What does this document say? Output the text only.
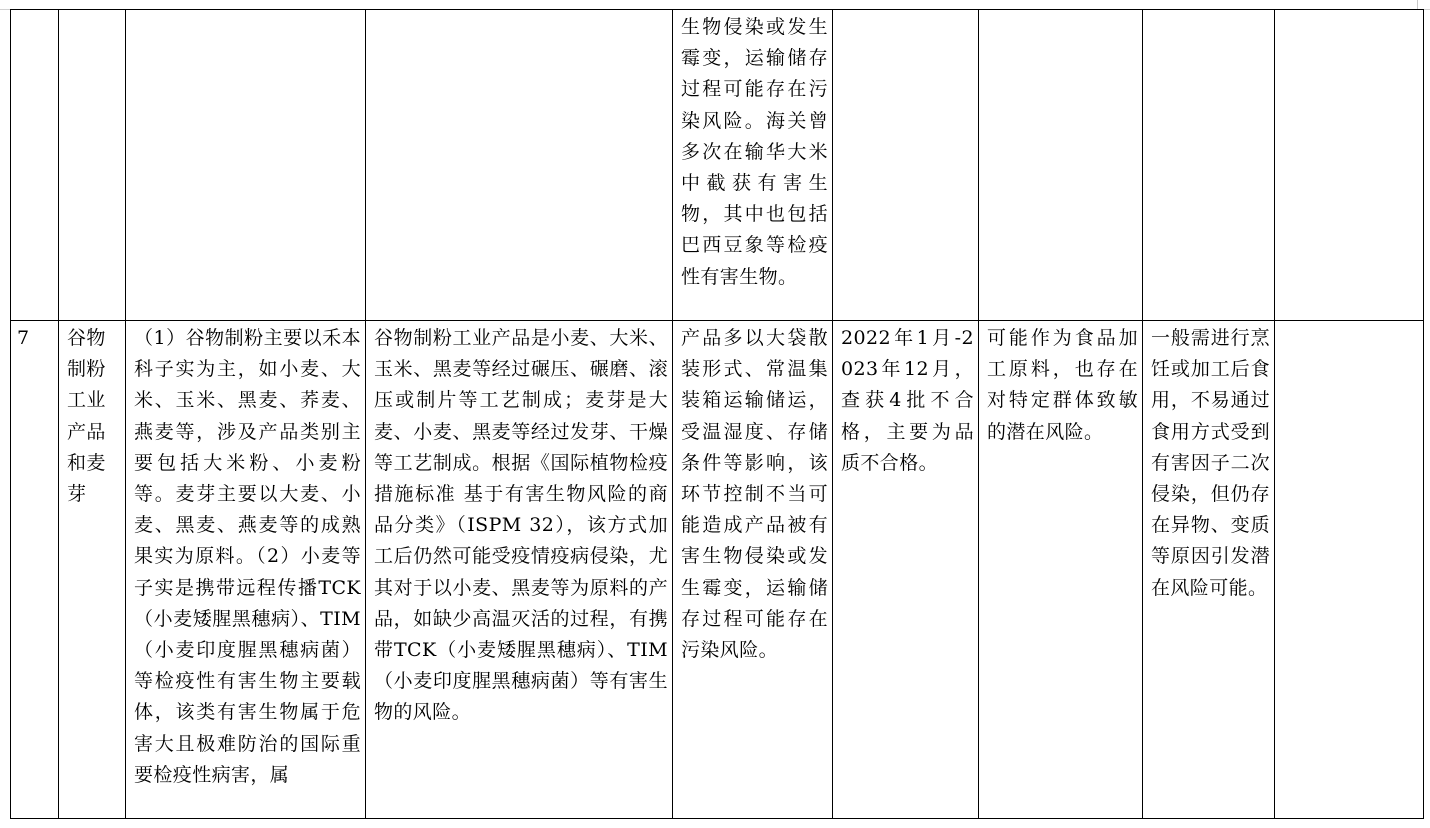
				生物侵染或发生霉变，运输储存过程可能存在污染风险。海关曾多次在输华大米中截获有害生物，其中也包括巴西豆象等检疫性有害生物。				
7	谷物制粉工业产品和麦芽	（1）谷物制粉主要以禾本科子实为主，如小麦、大米、玉米、黑麦、荞麦、燕麦等，涉及产品类别主要包括大米粉、小麦粉等。麦芽主要以大麦、小麦、黑麦、燕麦等的成熟果实为原料。（2）小麦等子实是携带远程传播TCK（小麦矮腥黑穗病）、TIM（小麦印度腥黑穗病菌）等检疫性有害生物主要载体，该类有害生物属于危害大且极难防治的国际重要检疫性病害，属	谷物制粉工业产品是小麦、大米、玉米、黑麦等经过碾压、碾磨、滚压或制片等工艺制成；麦芽是大麦、小麦、黑麦等经过发芽、干燥等工艺制成。根据《国际植物检疫措施标准 基于有害生物风险的商品分类》（ISPM 32），该方式加工后仍然可能受疫情疫病侵染，尤其对于以小麦、黑麦等为原料的产品，如缺少高温灭活的过程，有携带TCK（小麦矮腥黑穗病）、TIM（小麦印度腥黑穗病菌）等有害生物的风险。	产品多以大袋散装形式、常温集装箱运输储运，受温湿度、存储条件等影响，该环节控制不当可能造成产品被有害生物侵染或发生霉变，运输储存过程可能存在污染风险。	2022年1月-2023年12月，查获4批不合格，主要为品质不合格。	可能作为食品加工原料，也存在对特定群体致敏的潜在风险。	一般需进行烹饪或加工后食用，不易通过食用方式受到有害因子二次侵染，但仍存在异物、变质等原因引发潜在风险可能。	
